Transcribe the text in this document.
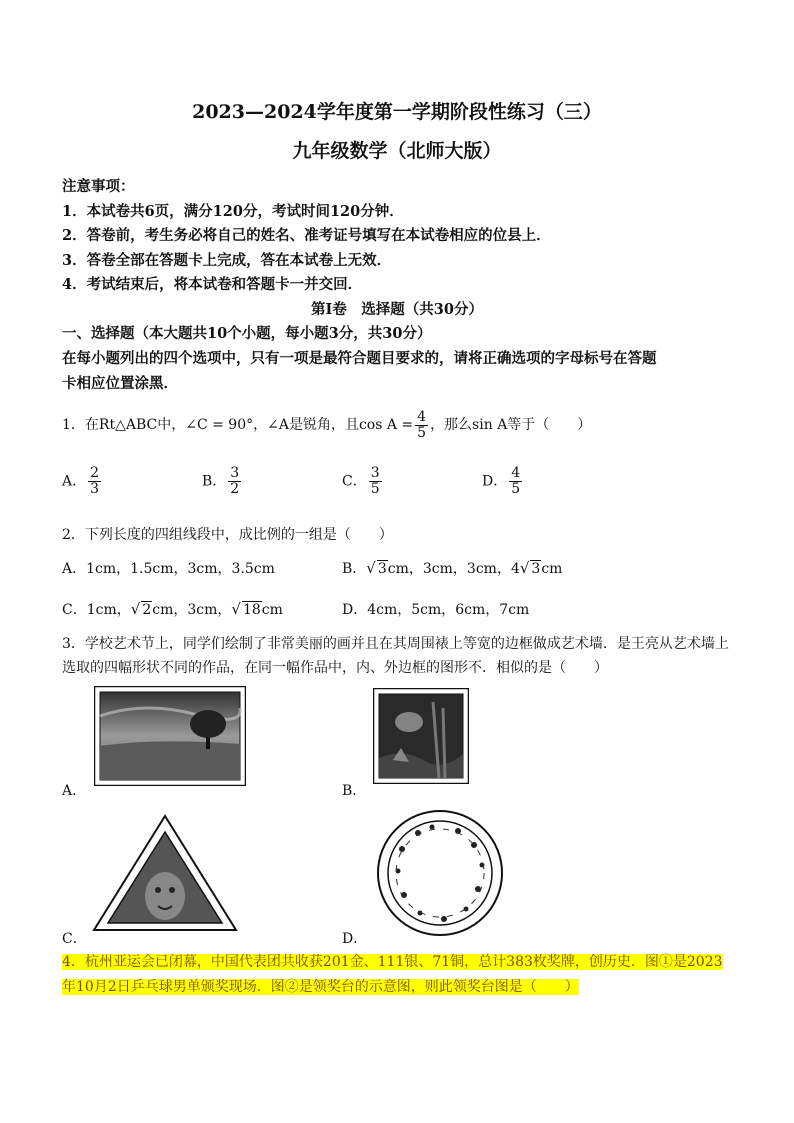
2023—2024学年度第一学期阶段性练习（三）
九年级数学（北师大版）
注意事项：
1．本试卷共6页，满分120分，考试时间120分钟．
2．答卷前，考生务必将自己的姓名、准考证号填写在本试卷相应的位县上．
3．答卷全部在答题卡上完成，答在本试卷上无效．
4．考试结束后，将本试卷和答题卡一并交回．
第Ⅰ卷　选择题（共30分）
一、选择题（本大题共10个小题，每小题3分，共30分）
在每小题列出的四个选项中，只有一项是最符合题目要求的，请将正确选项的字母标号在答题
卡相应位置涂黑．
1．在Rt△ABC中，∠C = 90°，∠A是锐角，且$\cos A = \frac{4}{5}$ ，那么sin A等于（　　）
A． $\frac{2}{3}$	B． $\frac{3}{2}$	C． $\frac{3}{5}$	D． $\frac{4}{5}$
2．下列长度的四组线段中，成比例的一组是（　　）
A．1cm，1.5cm，3cm，3.5cm	B．√ 3cm，3cm，3cm，4√ 3cm
C．1cm，√ 2cm，3cm，√ 18cm	D．4cm，5cm，6cm，7cm
3．学校艺术节上，同学们绘制了非常美丽的画并且在其周围裱上等宽的边框做成艺术墙．是王亮从艺术墙上
选取的四幅形状不同的作品，在同一幅作品中，内、外边框的图形不．相似的是（　　）
A．	B．
C．	D．
4．杭州亚运会已闭幕，中国代表团共收获201金、111银、71铜，总计383枚奖牌，创历史．图①是2023
年10月2日乒乓球男单颁奖现场．图②是领奖台的示意图，则此领奖台图是（　　）
